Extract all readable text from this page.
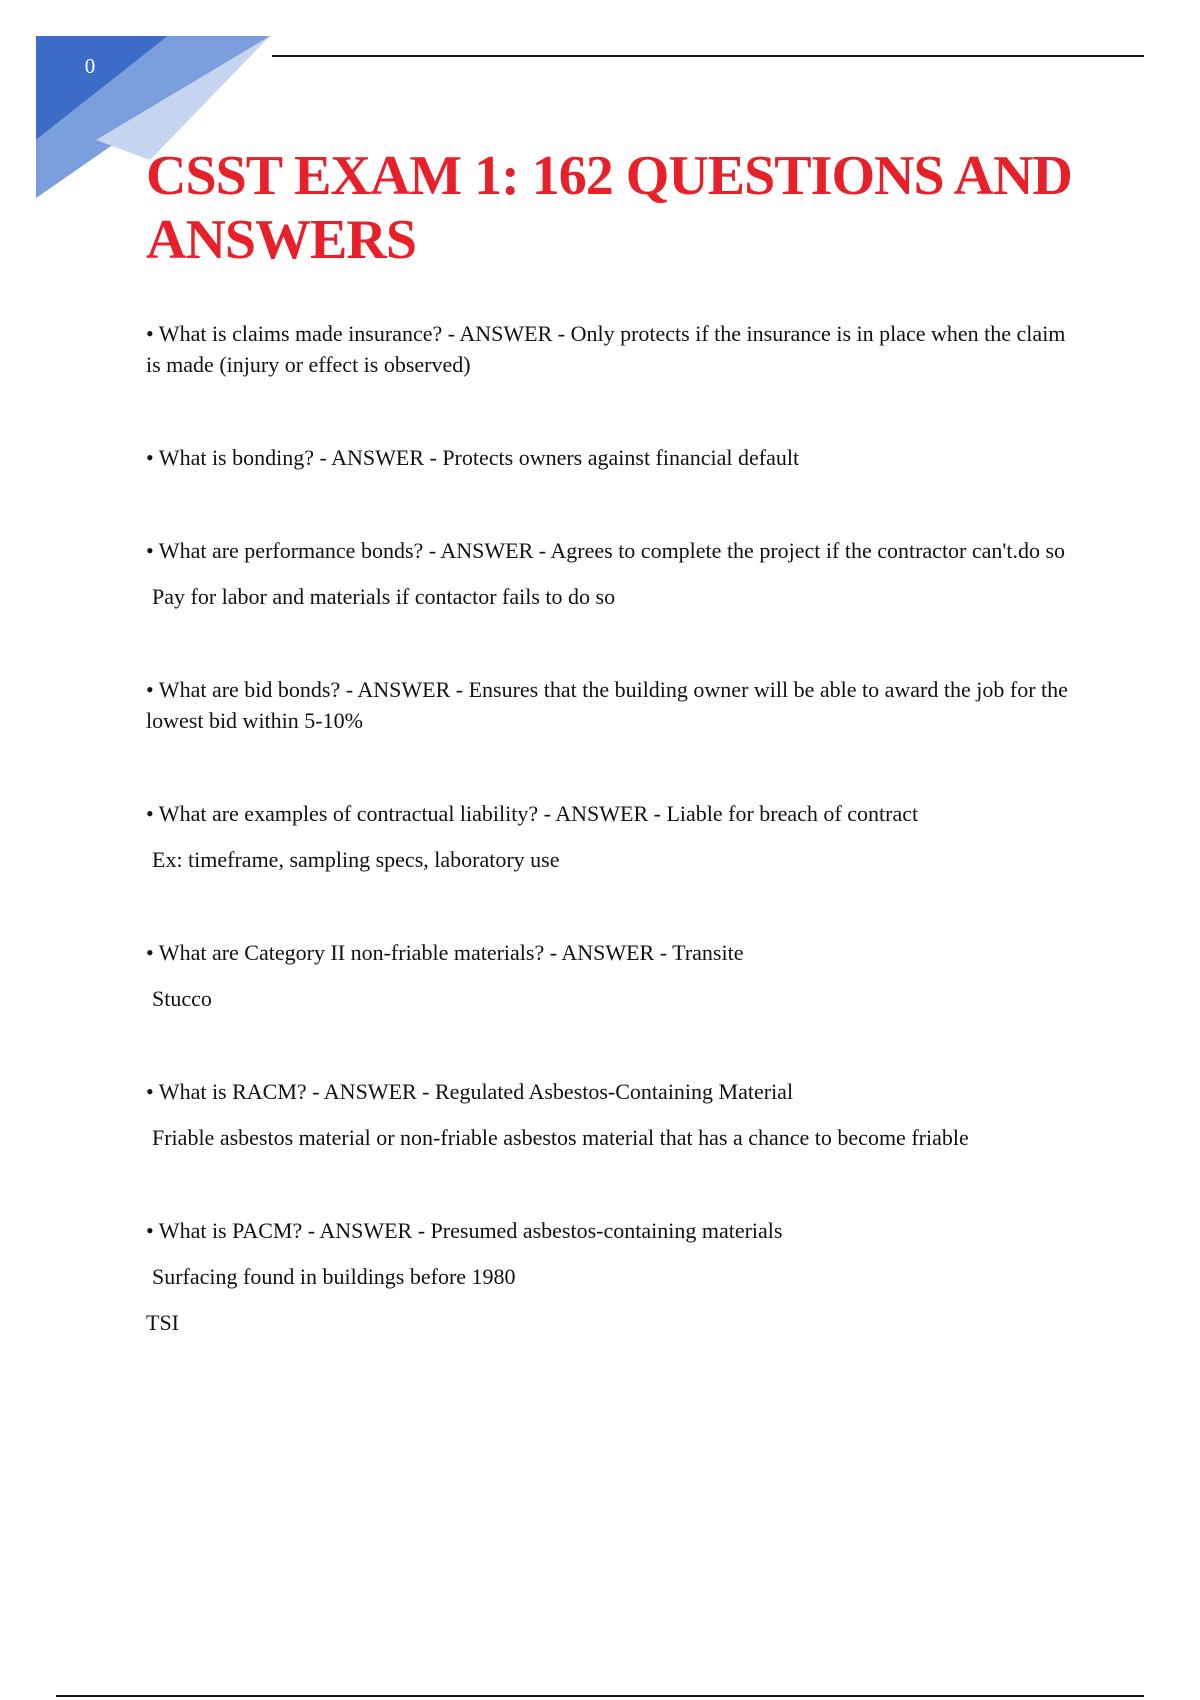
0
CSST EXAM 1: 162 QUESTIONS AND ANSWERS

• What is claims made insurance? - ANSWER - Only protects if the insurance is in place when the claim is made (injury or effect is observed)

• What is bonding? - ANSWER - Protects owners against financial default

• What are performance bonds? - ANSWER - Agrees to complete the project if the contractor can't.do so

Pay for labor and materials if contactor fails to do so

• What are bid bonds? - ANSWER - Ensures that the building owner will be able to award the job for the lowest bid within 5-10%

• What are examples of contractual liability? - ANSWER - Liable for breach of contract

Ex: timeframe, sampling specs, laboratory use

• What are Category II non-friable materials? - ANSWER - Transite

Stucco

• What is RACM? - ANSWER - Regulated Asbestos-Containing Material

Friable asbestos material or non-friable asbestos material that has a chance to become friable

• What is PACM? - ANSWER - Presumed asbestos-containing materials

Surfacing found in buildings before 1980

TSI
